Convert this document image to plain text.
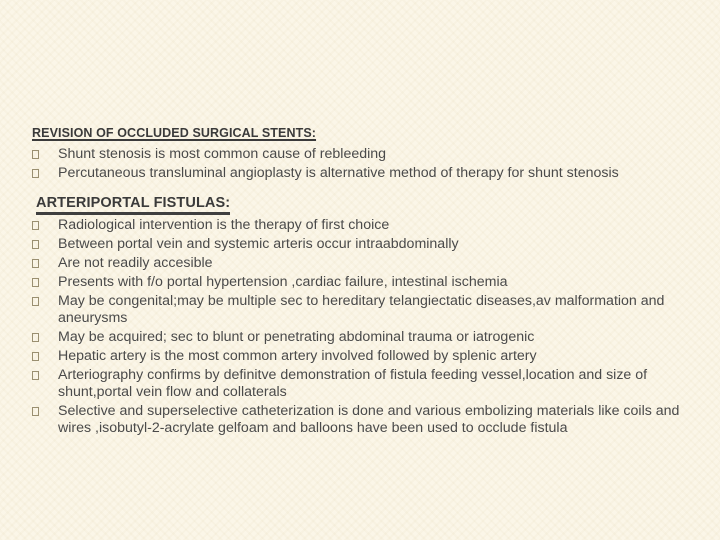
REVISION OF OCCLUDED SURGICAL STENTS:
Shunt stenosis is most common cause of rebleeding
Percutaneous transluminal angioplasty is alternative method of therapy for shunt stenosis
ARTERIPORTAL FISTULAS:
Radiological intervention is the therapy of first choice
Between portal vein and systemic arteris occur intraabdominally
Are not readily accesible
Presents with f/o portal hypertension ,cardiac failure, intestinal ischemia
May be congenital;may be multiple sec to hereditary telangiectatic diseases,av malformation and aneurysms
May be acquired; sec to blunt or penetrating abdominal trauma or iatrogenic
Hepatic artery is the most common artery involved followed by splenic artery
Arteriography confirms by definitve demonstration of fistula feeding vessel,location and size of shunt,portal vein flow and collaterals
Selective and superselective catheterization is done and various embolizing materials like coils and wires ,isobutyl-2-acrylate gelfoam and balloons have been used to occlude fistula
